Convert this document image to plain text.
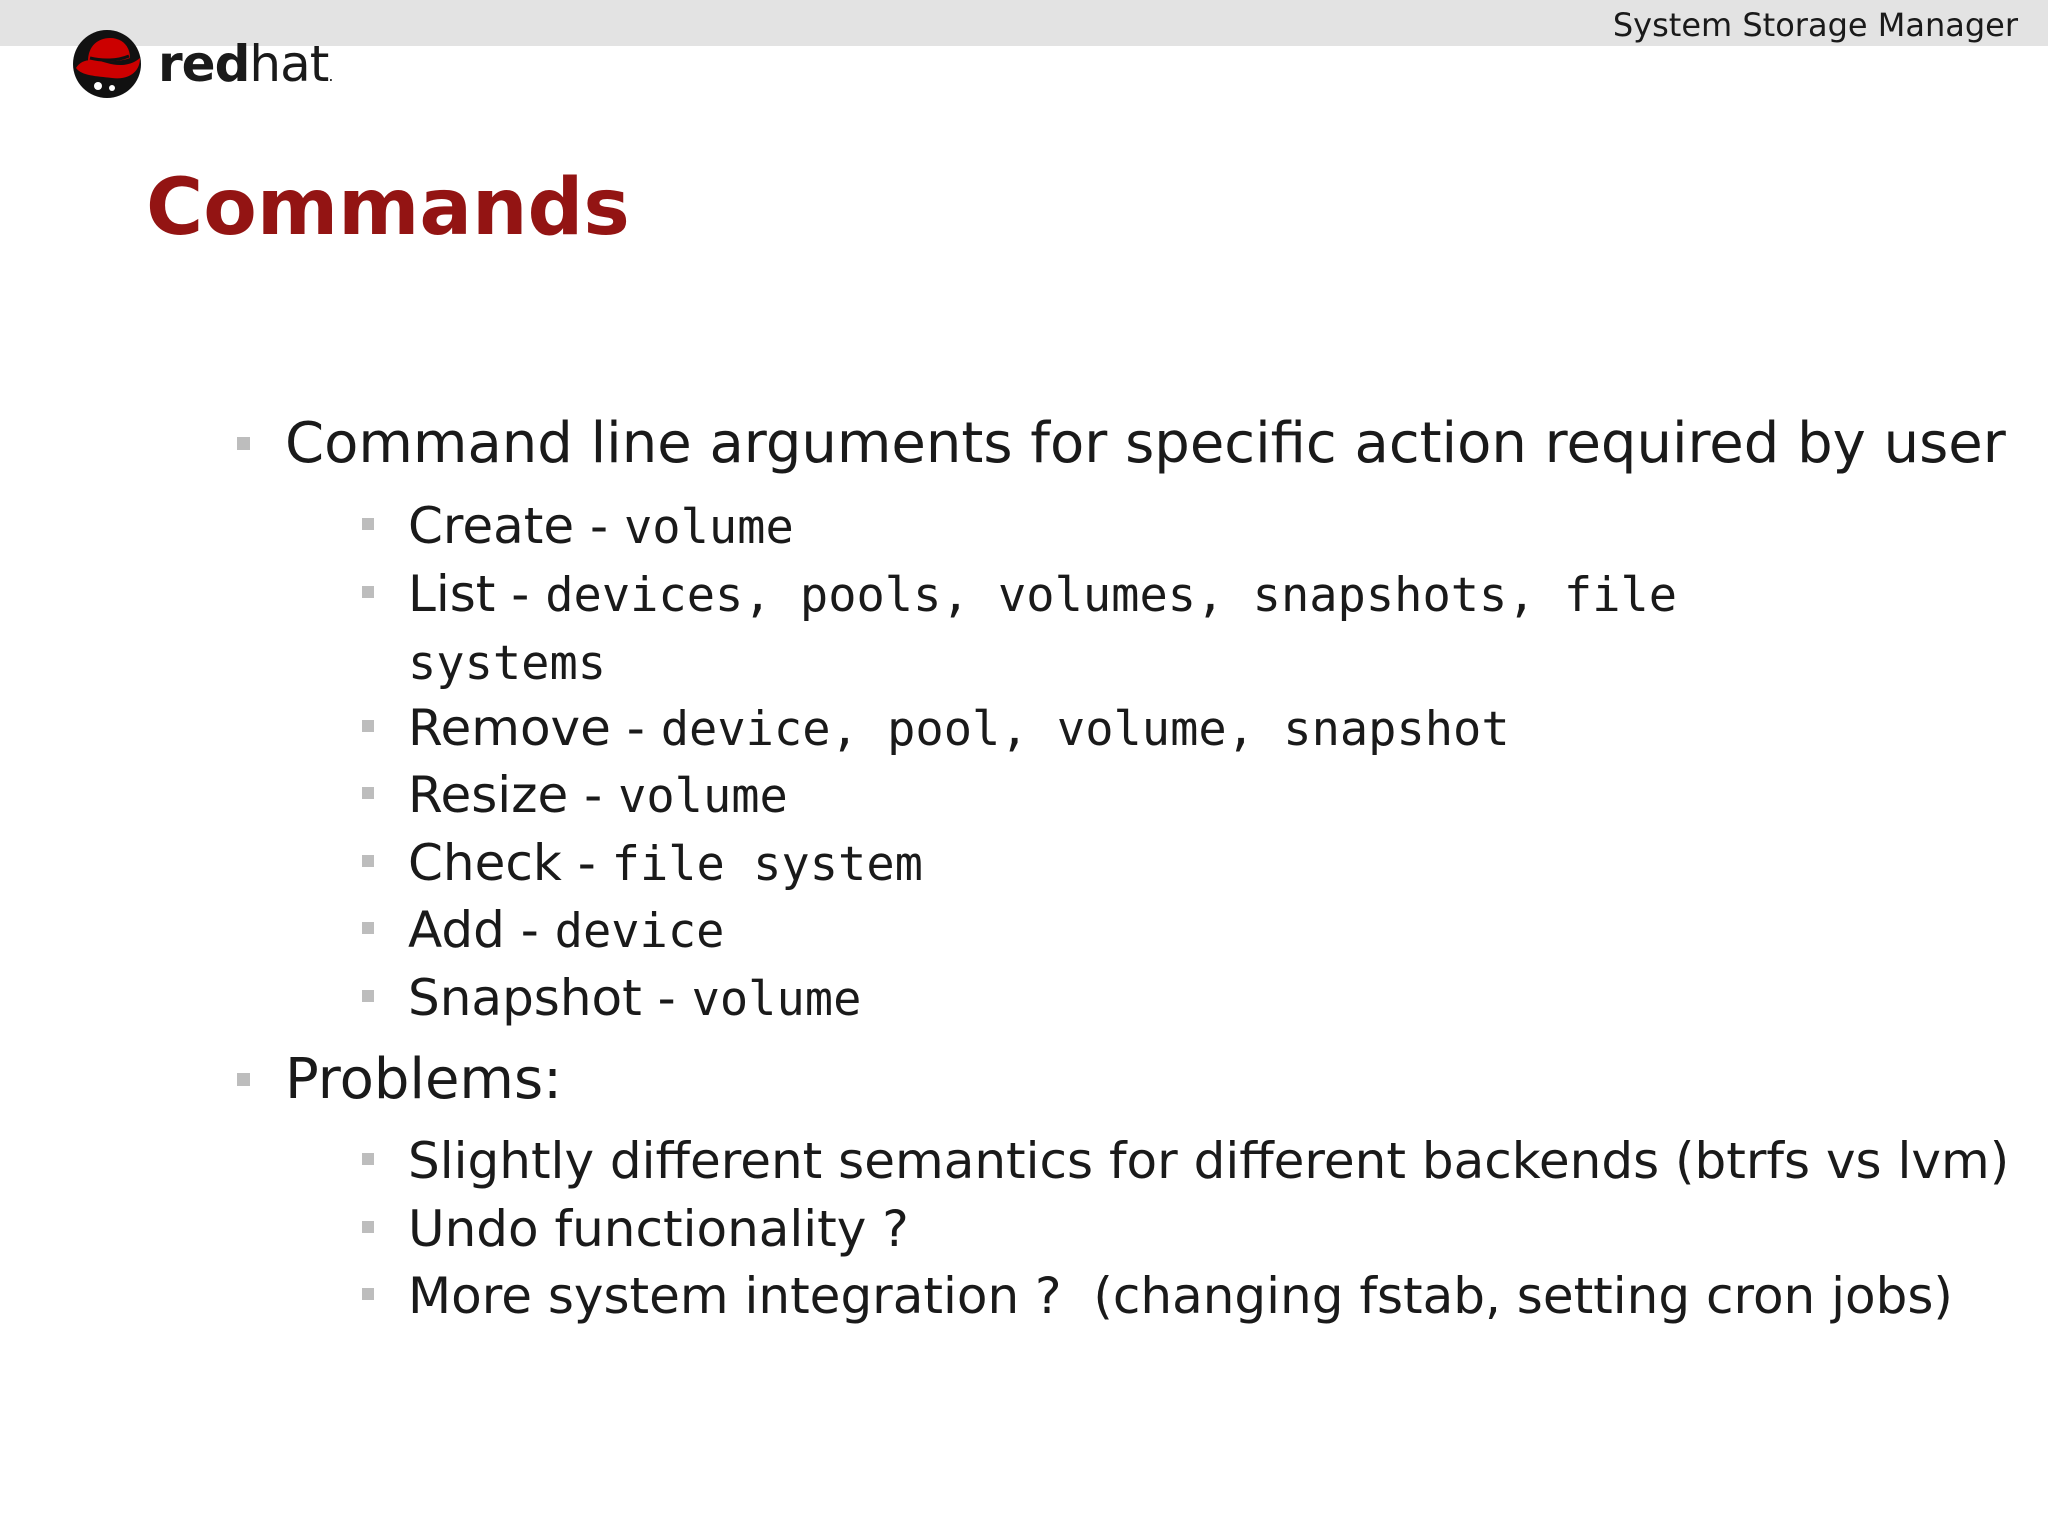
System Storage Manager
redhat.
Commands
Command line arguments for specific action required by user
Create - volume
List - devices, pools, volumes, snapshots, file
systems
Remove - device, pool, volume, snapshot
Resize - volume
Check - file system
Add - device
Snapshot - volume
Problems:
Slightly different semantics for different backends (btrfs vs lvm)
Undo functionality ?
More system integration ?  (changing fstab, setting cron jobs)
